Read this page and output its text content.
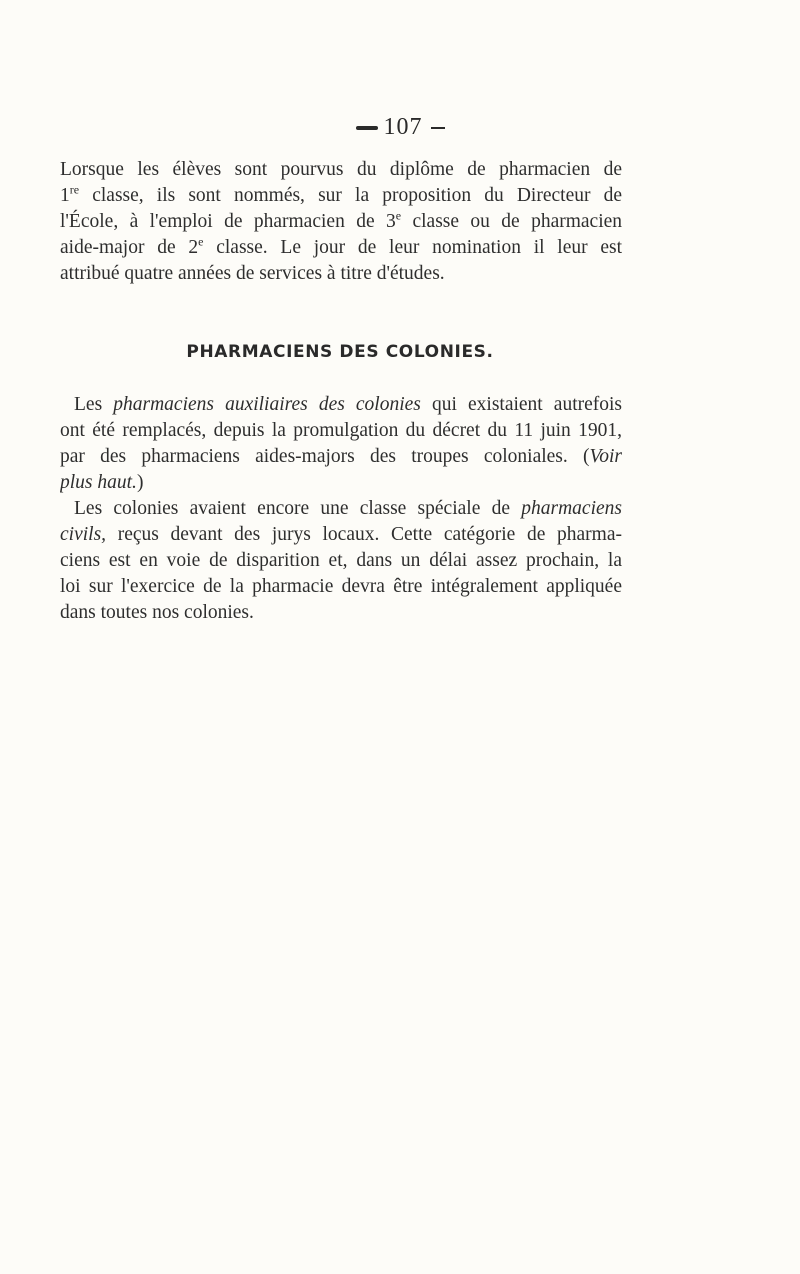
107
Lorsque les élèves sont pourvus du diplôme de pharmacien de
1re classe, ils sont nommés, sur la proposition du Directeur de
l'École, à l'emploi de pharmacien de 3e classe ou de pharmacien
aide-major de 2e classe. Le jour de leur nomination il leur est
attribué quatre années de services à titre d'études.
PHARMACIENS DES COLONIES.
Les pharmaciens auxiliaires des colonies qui existaient autrefois
ont été remplacés, depuis la promulgation du décret du 11 juin 1901,
par des pharmaciens aides-majors des troupes coloniales. (Voir
plus haut.)
Les colonies avaient encore une classe spéciale de pharmaciens
civils, reçus devant des jurys locaux. Cette catégorie de pharma-
ciens est en voie de disparition et, dans un délai assez prochain, la
loi sur l'exercice de la pharmacie devra être intégralement appliquée
dans toutes nos colonies.
